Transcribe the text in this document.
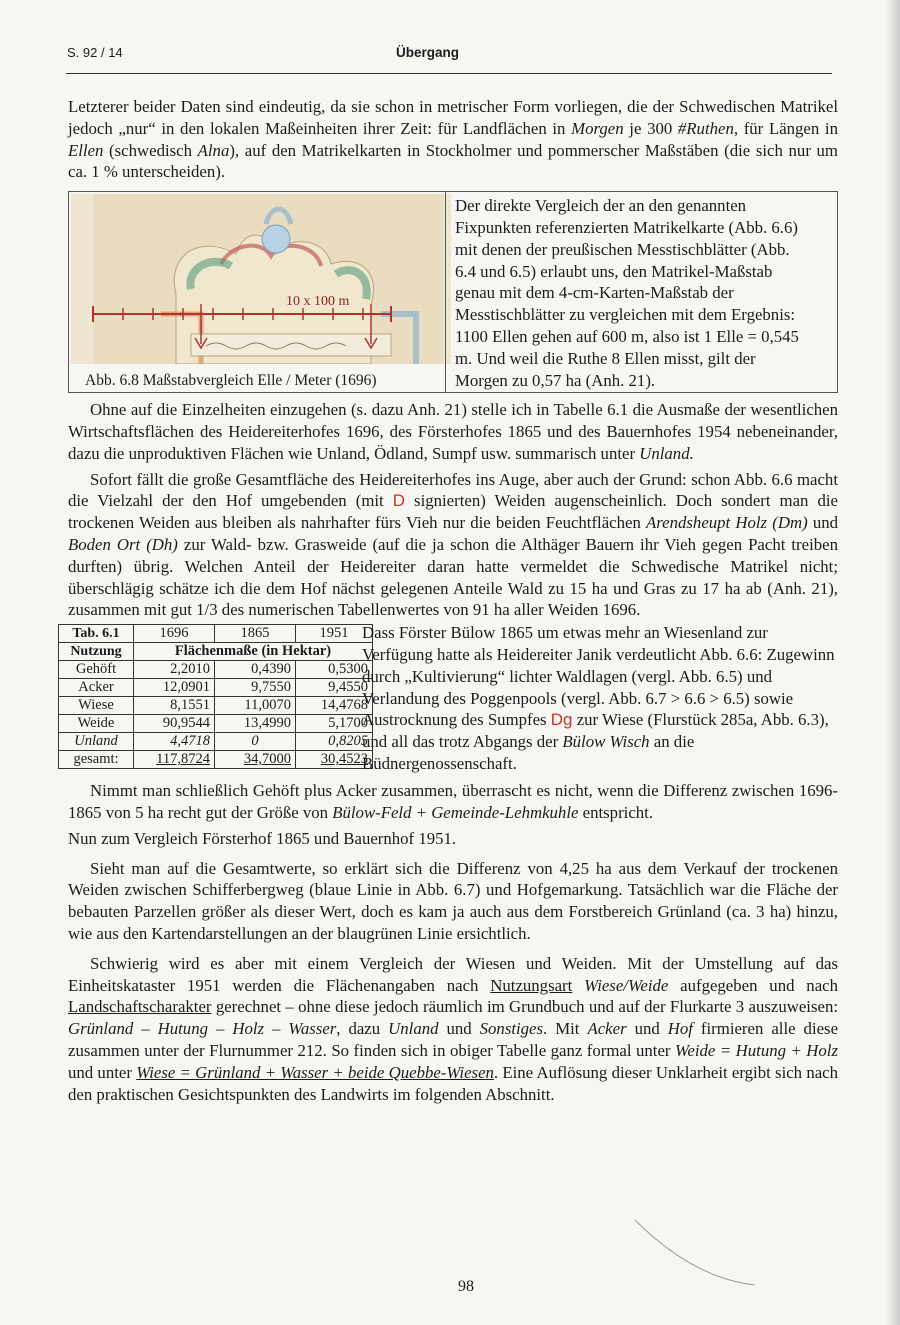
S. 92 / 14	Übergang

Letzterer beider Daten sind eindeutig, da sie schon in metrischer Form vorliegen, die der Schwedischen Matrikel jedoch „nur“ in den lokalen Maßeinheiten ihrer Zeit: für Landflächen in Morgen je 300 #Ruthen, für Längen in Ellen (schwedisch Alna), auf den Matrikelkarten in Stockholmer und pommerscher Maßstäben (die sich nur um ca. 1 % unterscheiden).

10 x 100 m
Abb. 6.8 Maßstabvergleich Elle / Meter (1696)
Der direkte Vergleich der an den genannten Fixpunkten referenzierten Matrikelkarte (Abb. 6.6) mit denen der preußischen Messtischblätter (Abb. 6.4 und 6.5) erlaubt uns, den Matrikel-Maßstab genau mit dem 4-cm-Karten-Maßstab der Messtischblätter zu vergleichen mit dem Ergebnis: 1100 Ellen gehen auf 600 m, also ist 1 Elle = 0,545 m. Und weil die Ruthe 8 Ellen misst, gilt der Morgen zu 0,57 ha (Anh. 21).

Ohne auf die Einzelheiten einzugehen (s. dazu Anh. 21) stelle ich in Tabelle 6.1 die Ausmaße der wesentlichen Wirtschaftsflächen des Heidereiterhofes 1696, des Försterhofes 1865 und des Bauernhofes 1954 nebeneinander, dazu die unproduktiven Flächen wie Unland, Ödland, Sumpf usw. summarisch unter Unland.

Sofort fällt die große Gesamtfläche des Heidereiterhofes ins Auge, aber auch der Grund: schon Abb. 6.6 macht die Vielzahl der den Hof umgebenden (mit D signierten) Weiden augenscheinlich. Doch sondert man die trockenen Weiden aus bleiben als nahrhafter fürs Vieh nur die beiden Feuchtflächen Arendsheupt Holz (Dm) und Boden Ort (Dh) zur Wald- bzw. Grasweide (auf die ja schon die Althäger Bauern ihr Vieh gegen Pacht treiben durften) übrig. Welchen Anteil der Heidereiter daran hatte vermeldet die Schwedische Matrikel nicht; überschlägig schätze ich die dem Hof nächst gelegenen Anteile Wald zu 15 ha und Gras zu 17 ha ab (Anh. 21), zusammen mit gut 1/3 des numerischen Tabellenwertes von 91 ha aller Weiden 1696.

Tab. 6.1	1696	1865	1951
Nutzung	Flächenmaße (in Hektar)		
Gehöft	2,2010	0,4390	0,5300
Acker	12,0901	9,7550	9,4550
Wiese	8,1551	11,0070	14,4768
Weide	90,9544	13,4990	5,1700
Unland	4,4718	0	0,8205
gesamt:	117,8724	34,7000	30,4523
Dass Förster Bülow 1865 um etwas mehr an Wiesenland zur Verfügung hatte als Heidereiter Janik verdeutlicht Abb. 6.6: Zugewinn durch „Kultivierung“ lichter Waldlagen (vergl. Abb. 6.5) und Verlandung des Poggenpools (vergl. Abb. 6.7 > 6.6 > 6.5) sowie Austrocknung des Sumpfes Dg zur Wiese (Flurstück 285a, Abb. 6.3), und all das trotz Abgangs der Bülow Wisch an die Büdnergenossenschaft.

Nimmt man schließlich Gehöft plus Acker zusammen, überrascht es nicht, wenn die Differenz zwischen 1696-1865 von 5 ha recht gut der Größe von Bülow-Feld + Gemeinde-Lehmkuhle entspricht.

Nun zum Vergleich Försterhof 1865 und Bauernhof 1951.

Sieht man auf die Gesamtwerte, so erklärt sich die Differenz von 4,25 ha aus dem Verkauf der trockenen Weiden zwischen Schifferbergweg (blaue Linie in Abb. 6.7) und Hofgemarkung. Tatsächlich war die Fläche der bebauten Parzellen größer als dieser Wert, doch es kam ja auch aus dem Forstbereich Grünland (ca. 3 ha) hinzu, wie aus den Kartendarstellungen an der blaugrünen Linie ersichtlich.

Schwierig wird es aber mit einem Vergleich der Wiesen und Weiden. Mit der Umstellung auf das Einheitskataster 1951 werden die Flächenangaben nach Nutzungsart Wiese/Weide aufgegeben und nach Landschaftscharakter gerechnet – ohne diese jedoch räumlich im Grundbuch und auf der Flurkarte 3 auszuweisen: Grünland – Hutung – Holz – Wasser, dazu Unland und Sonstiges. Mit Acker und Hof firmieren alle diese zusammen unter der Flurnummer 212. So finden sich in obiger Tabelle ganz formal unter Weide = Hutung + Holz und unter Wiese = Grünland + Wasser + beide Quebbe-Wiesen. Eine Auflösung dieser Unklarheit ergibt sich nach den praktischen Gesichtspunkten des Landwirts im folgenden Abschnitt.

98
